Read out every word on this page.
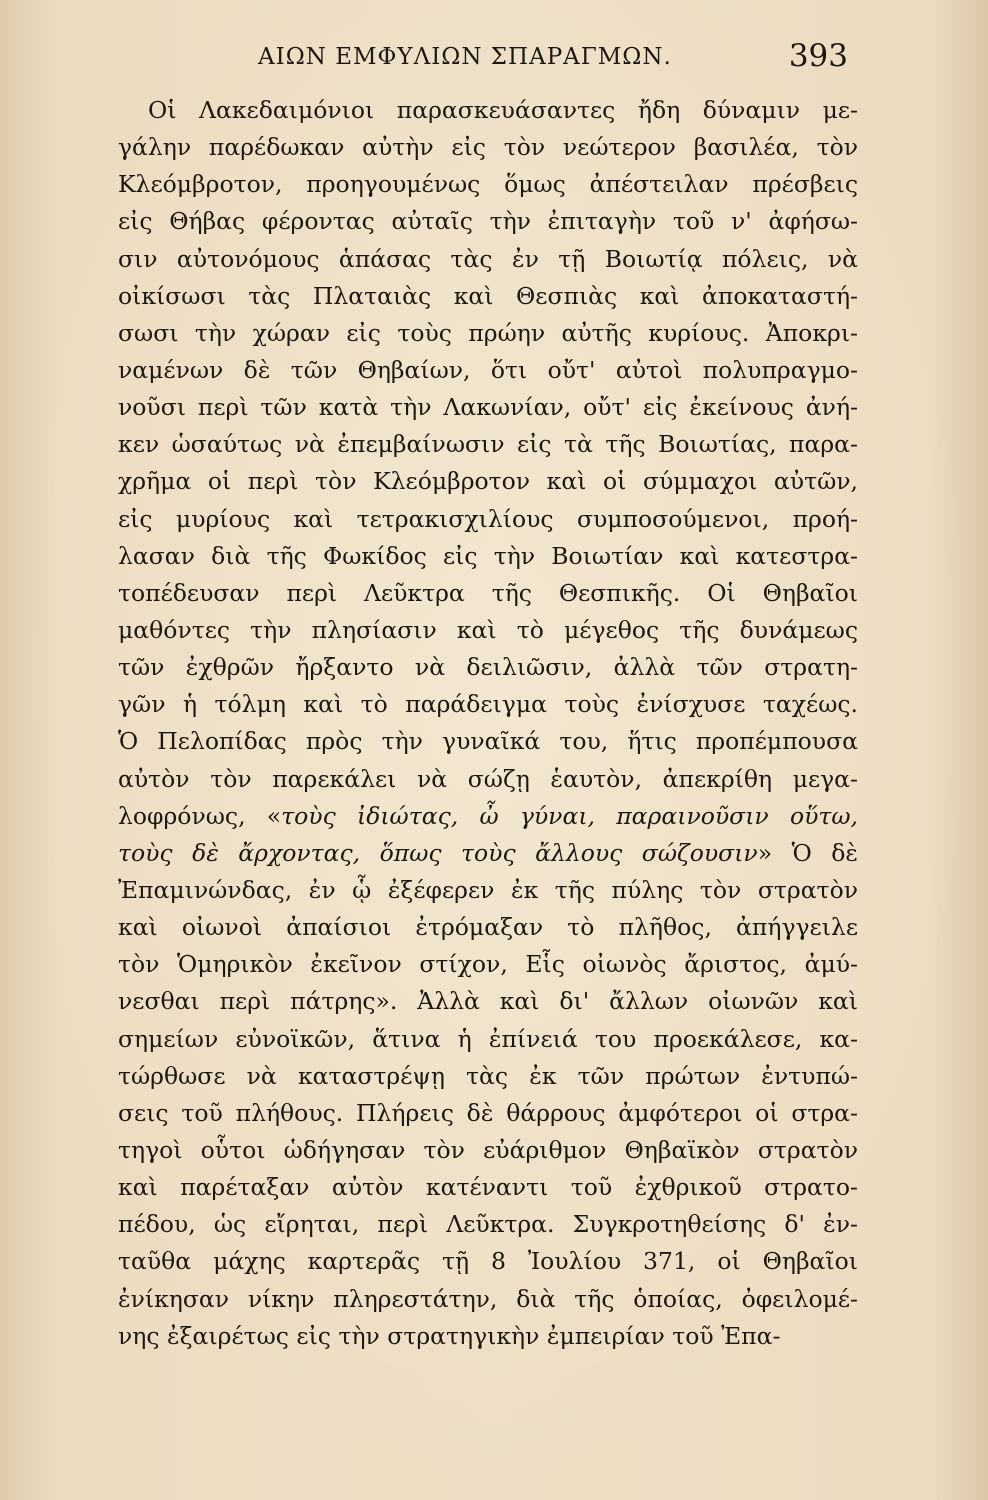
ΑΙΩΝ ΕΜΦΥΛΙΩΝ ΣΠΑΡΑΓΜΩΝ.	393
Οἱ Λακεδαιμόνιοι παρασκευάσαντες ἤδη δύναμιν με-
γάλην παρέδωκαν αὐτὴν εἰς τὸν νεώτερον βασιλέα, τὸν
Κλεόμβροτον, προηγουμένως ὅμως ἀπέστειλαν πρέσβεις
εἰς Θήβας φέροντας αὐταῖς τὴν ἐπιταγὴν τοῦ ν' ἀφήσω-
σιν αὐτονόμους ἁπάσας τὰς ἐν τῇ Βοιωτίᾳ πόλεις, νὰ
οἰκίσωσι τὰς Πλαταιὰς καὶ Θεσπιὰς καὶ ἀποκαταστή-
σωσι τὴν χώραν εἰς τοὺς πρώην αὐτῆς κυρίους. Ἀποκρι-
ναμένων δὲ τῶν Θηβαίων, ὅτι οὔτ' αὐτοὶ πολυπραγμο-
νοῦσι περὶ τῶν κατὰ τὴν Λακωνίαν, οὔτ' εἰς ἐκείνους ἀνή-
κεν ὡσαύτως νὰ ἐπεμβαίνωσιν εἰς τὰ τῆς Βοιωτίας, παρα-
χρῆμα οἱ περὶ τὸν Κλεόμβροτον καὶ οἱ σύμμαχοι αὐτῶν,
εἰς μυρίους καὶ τετρακισχιλίους συμποσούμενοι, προή-
λασαν διὰ τῆς Φωκίδος εἰς τὴν Βοιωτίαν καὶ κατεστρα-
τοπέδευσαν περὶ Λεῦκτρα τῆς Θεσπικῆς. Οἱ Θηβαῖοι
μαθόντες τὴν πλησίασιν καὶ τὸ μέγεθος τῆς δυνάμεως
τῶν ἐχθρῶν ἤρξαντο νὰ δειλιῶσιν, ἀλλὰ τῶν στρατη-
γῶν ἡ τόλμη καὶ τὸ παράδειγμα τοὺς ἐνίσχυσε ταχέως.
Ὁ Πελοπίδας πρὸς τὴν γυναῖκά του, ἥτις προπέμπουσα
αὐτὸν τὸν παρεκάλει νὰ σώζῃ ἑαυτὸν, ἀπεκρίθη μεγα-
λοφρόνως, «τοὺς ἰδιώτας, ὦ γύναι, παραινοῦσιν οὕτω,
τοὺς δὲ ἄρχοντας, ὅπως τοὺς ἄλλους σώζουσιν» Ὁ δὲ
Ἐπαμινώνδας, ἐν ᾧ ἐξέφερεν ἐκ τῆς πύλης τὸν στρατὸν
καὶ οἰωνοὶ ἀπαίσιοι ἐτρόμαξαν τὸ πλῆθος, ἀπήγγειλε
τὸν Ὁμηρικὸν ἐκεῖνον στίχον, Εἷς οἰωνὸς ἄριστος, ἀμύ-
νεσθαι περὶ πάτρης». Ἀλλὰ καὶ δι' ἄλλων οἰωνῶν καὶ
σημείων εὐνοϊκῶν, ἅτινα ἡ ἐπίνειά του προεκάλεσε, κα-
τώρθωσε νὰ καταστρέψῃ τὰς ἐκ τῶν πρώτων ἐντυπώ-
σεις τοῦ πλήθους. Πλήρεις δὲ θάρρους ἀμφότεροι οἱ στρα-
τηγοὶ οὗτοι ὡδήγησαν τὸν εὐάριθμον Θηβαϊκὸν στρατὸν
καὶ παρέταξαν αὐτὸν κατέναντι τοῦ ἐχθρικοῦ στρατο-
πέδου, ὡς εἴρηται, περὶ Λεῦκτρα. Συγκροτηθείσης δ' ἐν-
ταῦθα μάχης καρτερᾶς τῇ 8 Ἰουλίου 371, οἱ Θηβαῖοι
ἐνίκησαν νίκην πληρεστάτην, διὰ τῆς ὁποίας, ὀφειλομέ-
νης ἐξαιρέτως εἰς τὴν στρατηγικὴν ἐμπειρίαν τοῦ Ἐπα-
